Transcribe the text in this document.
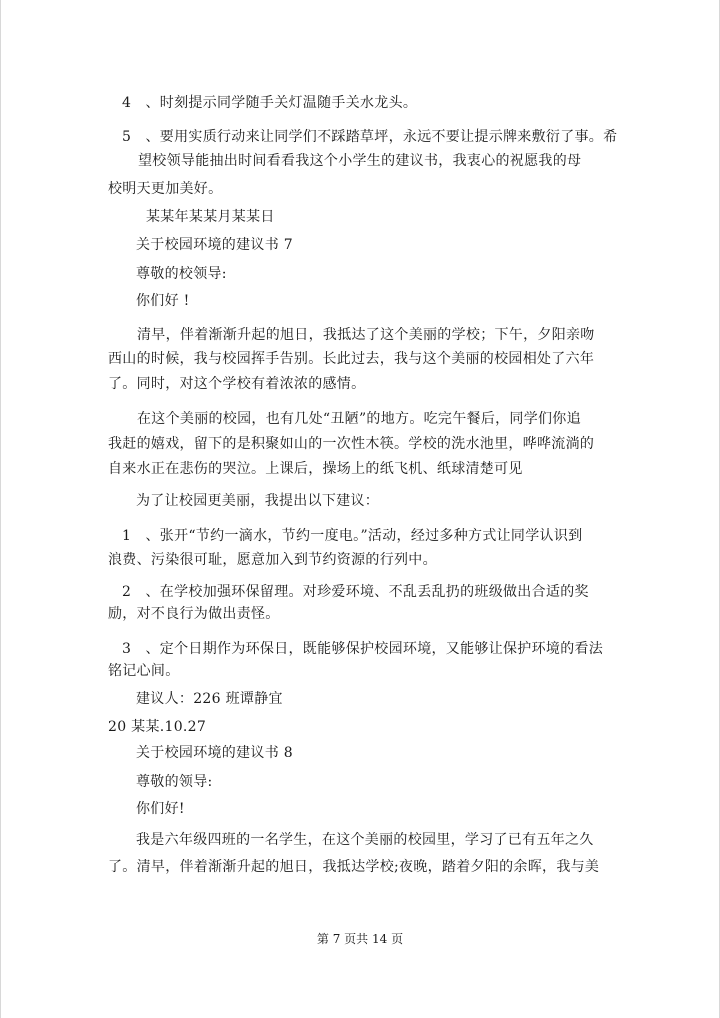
4　、时刻提示同学随手关灯温随手关水龙头。
5　、要用实质行动来让同学们不踩踏草坪，永远不要让提示牌来敷衍了事。希
望校领导能抽出时间看看我这个小学生的建议书，我衷心的祝愿我的母
校明天更加美好。
某某年某某月某某日
关于校园环境的建议书 7
尊敬的校领导:
你们好 !
清早，伴着渐渐升起的旭日，我抵达了这个美丽的学校；下午，夕阳亲吻
西山的时候，我与校园挥手告别。长此过去，我与这个美丽的校园相处了六年
了。同时，对这个学校有着浓浓的感情。
在这个美丽的校园，也有几处“丑陋”的地方。吃完午餐后，同学们你追
我赶的嬉戏，留下的是积聚如山的一次性木筷。学校的洗水池里，哗哗流淌的
自来水正在悲伤的哭泣。上课后，操场上的纸飞机、纸球清楚可见
为了让校园更美丽，我提出以下建议：
1　、张开“节约一滴水，节约一度电。”活动，经过多种方式让同学认识到
浪费、污染很可耻，愿意加入到节约资源的行列中。
2　、在学校加强环保留理。对珍爱环境、不乱丢乱扔的班级做出合适的奖
励，对不良行为做出责怪。
3　、定个日期作为环保日，既能够保护校园环境，又能够让保护环境的看法
铭记心间。
建议人：226 班谭静宜
20 某某.10.27
关于校园环境的建议书 8
尊敬的领导:
你们好!
我是六年级四班的一名学生，在这个美丽的校园里，学习了已有五年之久
了。清早，伴着渐渐升起的旭日，我抵达学校;夜晚，踏着夕阳的余晖，我与美
第 7 页共 14 页
